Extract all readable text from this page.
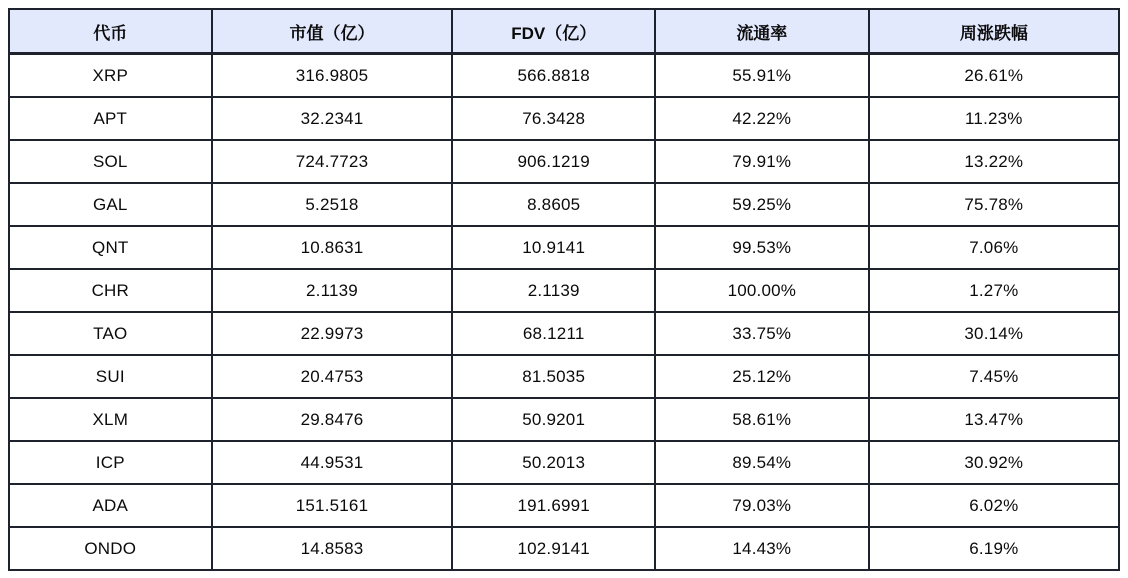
代币	市值（亿）	FDV（亿）	流通率	周涨跌幅
XRP	316.9805	566.8818	55.91%	26.61%
APT	32.2341	76.3428	42.22%	11.23%
SOL	724.7723	906.1219	79.91%	13.22%
GAL	5.2518	8.8605	59.25%	75.78%
QNT	10.8631	10.9141	99.53%	7.06%
CHR	2.1139	2.1139	100.00%	1.27%
TAO	22.9973	68.1211	33.75%	30.14%
SUI	20.4753	81.5035	25.12%	7.45%
XLM	29.8476	50.9201	58.61%	13.47%
ICP	44.9531	50.2013	89.54%	30.92%
ADA	151.5161	191.6991	79.03%	6.02%
ONDO	14.8583	102.9141	14.43%	6.19%
